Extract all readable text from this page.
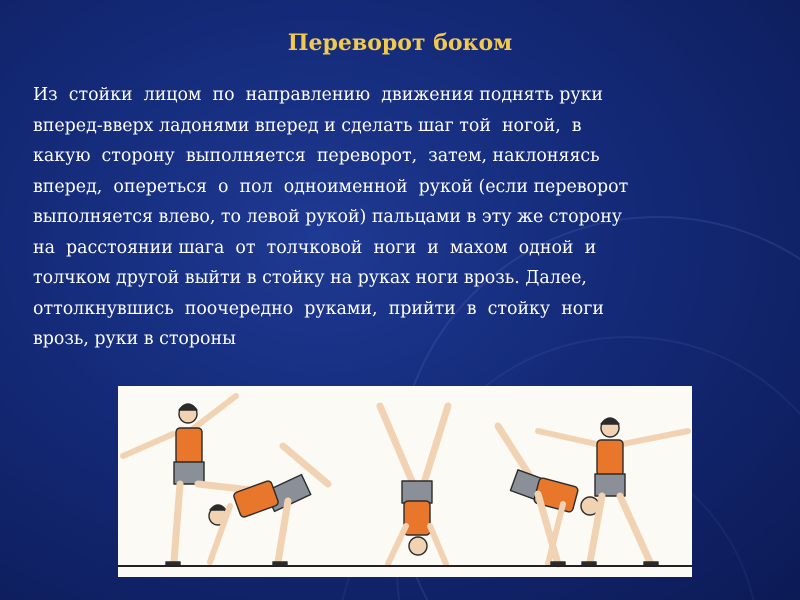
Переворот боком
Из  стойки  лицом  по  направлению  движения поднять руки
вперед-вверх ладонями вперед и сделать шаг той  ногой,  в
какую  сторону  выполняется  переворот,  затем, наклоняясь
вперед,  опереться  о  пол  одноименной  рукой (если переворот
выполняется влево, то левой рукой) пальцами в эту же сторону
на  расстоянии шага  от  толчковой  ноги  и  махом  одной  и
толчком другой выйти в стойку на руках ноги врозь. Далее,
оттолкнувшись  поочередно  руками,  прийти  в  стойку  ноги
врозь, руки в стороны
